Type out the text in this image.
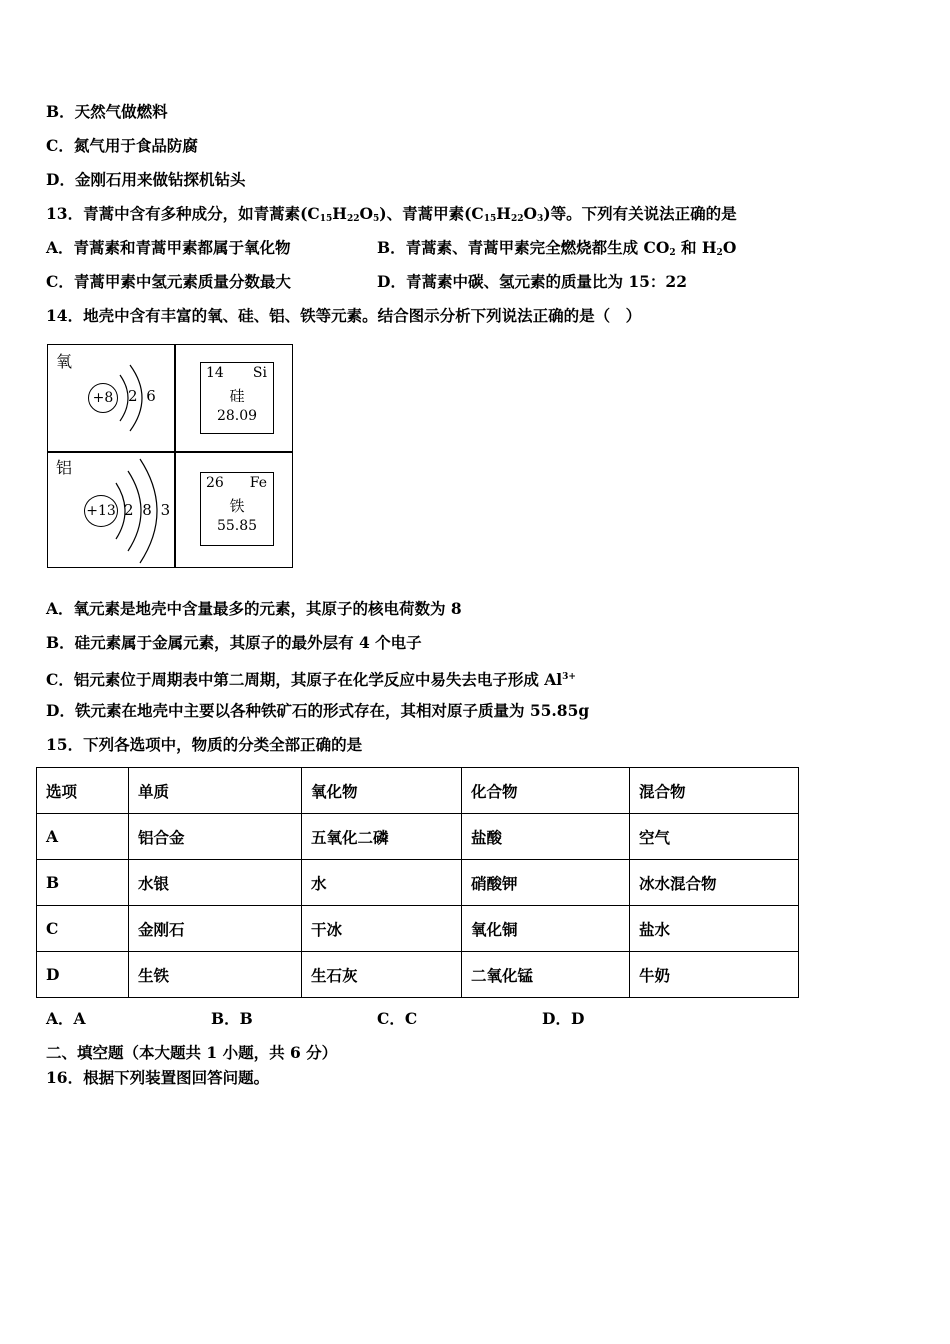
B．天然气做燃料
C．氮气用于食品防腐
D．金刚石用来做钻探机钻头
13．青蒿中含有多种成分，如青蒿素$(C_{15}H_{22}O_5)$、青蒿甲素$(C_{15}H_{22}O_3)$等。下列有关说法正确的是
A．青蒿素和青蒿甲素都属于氧化物	B．青蒿素、青蒿甲素完全燃烧都生成 $CO_2$ 和 $H_2O$
C．青蒿甲素中氢元素质量分数最大	D．青蒿素中碳、氢元素的质量比为 15：22
14．地壳中含有丰富的氧、硅、铝、铁等元素。结合图示分析下列说法正确的是（　）
氧
+8 2 6
14 Si
硅
28.09
铝
+13 2 8 3
26 Fe
铁
55.85
A．氧元素是地壳中含量最多的元素，其原子的核电荷数为 8
B．硅元素属于金属元素，其原子的最外层有 4 个电子
C．铝元素位于周期表中第二周期，其原子在化学反应中易失去电子形成 $Al^{3+}$
D．铁元素在地壳中主要以各种铁矿石的形式存在，其相对原子质量为 55.85g
15．下列各选项中，物质的分类全部正确的是
选项	单质	氧化物	化合物	混合物
A	铝合金	五氧化二磷	盐酸	空气
B	水银	水	硝酸钾	冰水混合物
C	金刚石	干冰	氧化铜	盐水
D	生铁	生石灰	二氧化锰	牛奶
A．A	B．B	C．C	D．D
二、填空题（本大题共 1 小题，共 6 分）
16．根据下列装置图回答问题。
